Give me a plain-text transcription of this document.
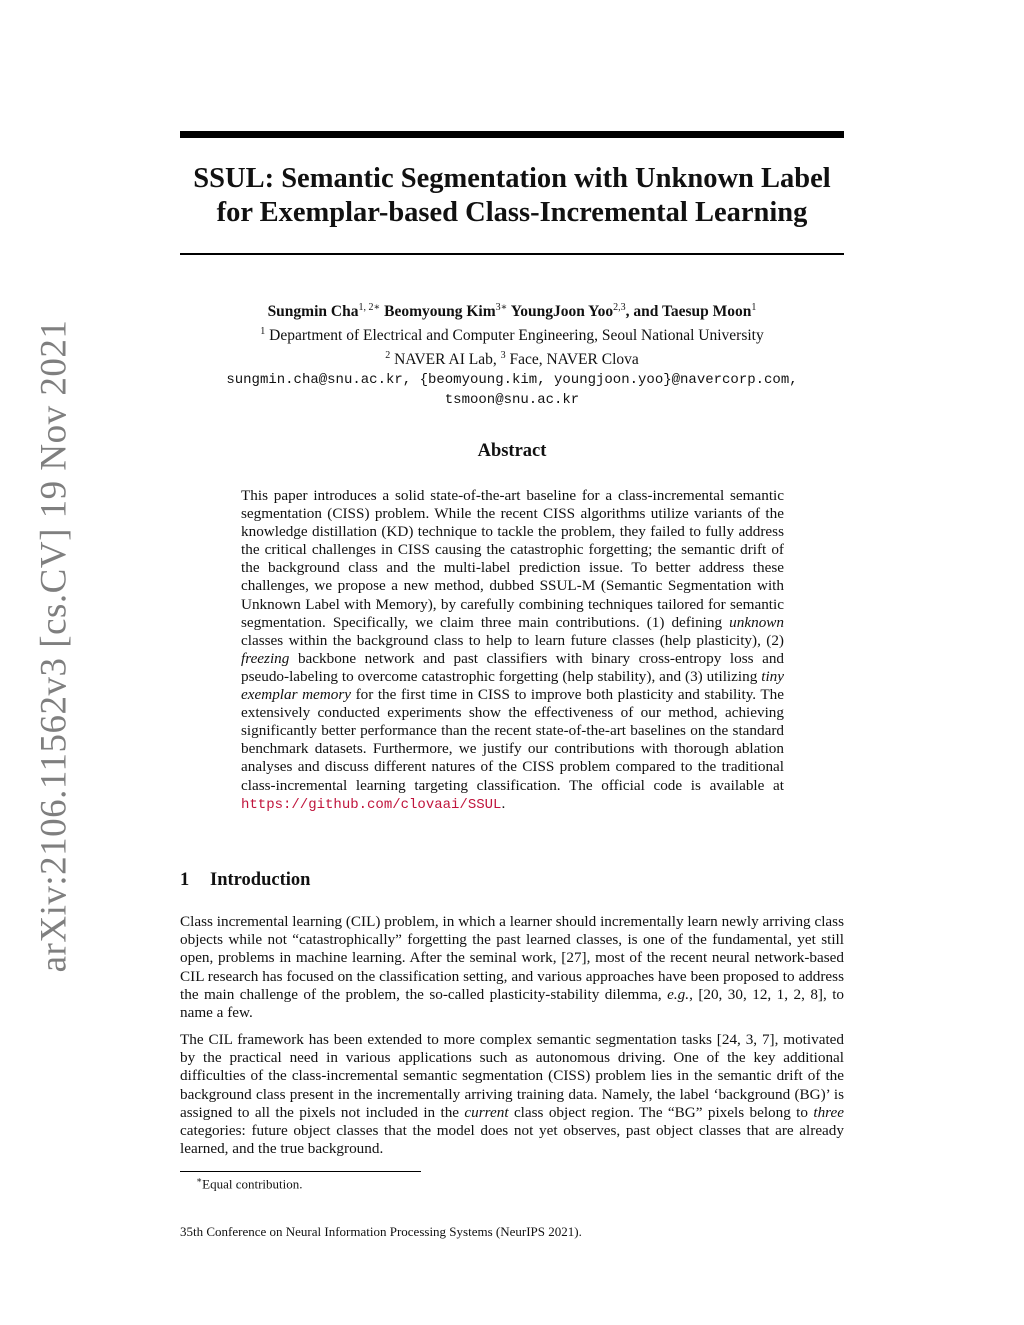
arXiv:2106.11562v3 [cs.CV] 19 Nov 2021
SSUL: Semantic Segmentation with Unknown Label
for Exemplar-based Class-Incremental Learning
Sungmin Cha$^{1, 2∗}$ Beomyoung Kim$^{3∗}$ YoungJoon Yoo$^{2,3}$, and Taesup Moon$^1$
$^1$ Department of Electrical and Computer Engineering, Seoul National University
$^2$ NAVER AI Lab, $^3$ Face, NAVER Clova
sungmin.cha@snu.ac.kr, {beomyoung.kim, youngjoon.yoo}@navercorp.com,
tsmoon@snu.ac.kr
Abstract

This paper introduces a solid state-of-the-art baseline for a class-incremental semantic segmentation (CISS) problem. While the recent CISS algorithms utilize variants of the knowledge distillation (KD) technique to tackle the problem, they failed to fully address the critical challenges in CISS causing the catastrophic forgetting; the semantic drift of the background class and the multi-label prediction issue. To better address these challenges, we propose a new method, dubbed SSUL-M (Semantic Segmentation with Unknown Label with Memory), by carefully combining techniques tailored for semantic segmentation. Specifically, we claim three main contributions. (1) defining unknown classes within the background class to help to learn future classes (help plasticity), (2) freezing backbone network and past classifiers with binary cross-entropy loss and pseudo-labeling to overcome catastrophic forgetting (help stability), and (3) utilizing tiny exemplar memory for the first time in CISS to improve both plasticity and stability. The extensively conducted experiments show the effectiveness of our method, achieving significantly better performance than the recent state-of-the-art baselines on the standard benchmark datasets. Furthermore, we justify our contributions with thorough ablation analyses and discuss different natures of the CISS problem compared to the traditional class-incremental learning targeting classification. The official code is available at https://github.com/clovaai/SSUL.

1 Introduction

Class incremental learning (CIL) problem, in which a learner should incrementally learn newly arriving class objects while not “catastrophically” forgetting the past learned classes, is one of the fundamental, yet still open, problems in machine learning. After the seminal work, [27], most of the recent neural network-based CIL research has focused on the classification setting, and various approaches have been proposed to address the main challenge of the problem, the so-called plasticity-stability dilemma, e.g., [20, 30, 12, 1, 2, 8], to name a few.

The CIL framework has been extended to more complex semantic segmentation tasks [24, 3, 7], motivated by the practical need in various applications such as autonomous driving. One of the key additional difficulties of the class-incremental semantic segmentation (CISS) problem lies in the semantic drift of the background class present in the incrementally arriving training data. Namely, the label ‘background (BG)’ is assigned to all the pixels not included in the current class object region. The “BG” pixels belong to three categories: future object classes that the model does not yet observes, past object classes that are already learned, and the true background.

∗Equal contribution.

35th Conference on Neural Information Processing Systems (NeurIPS 2021).
